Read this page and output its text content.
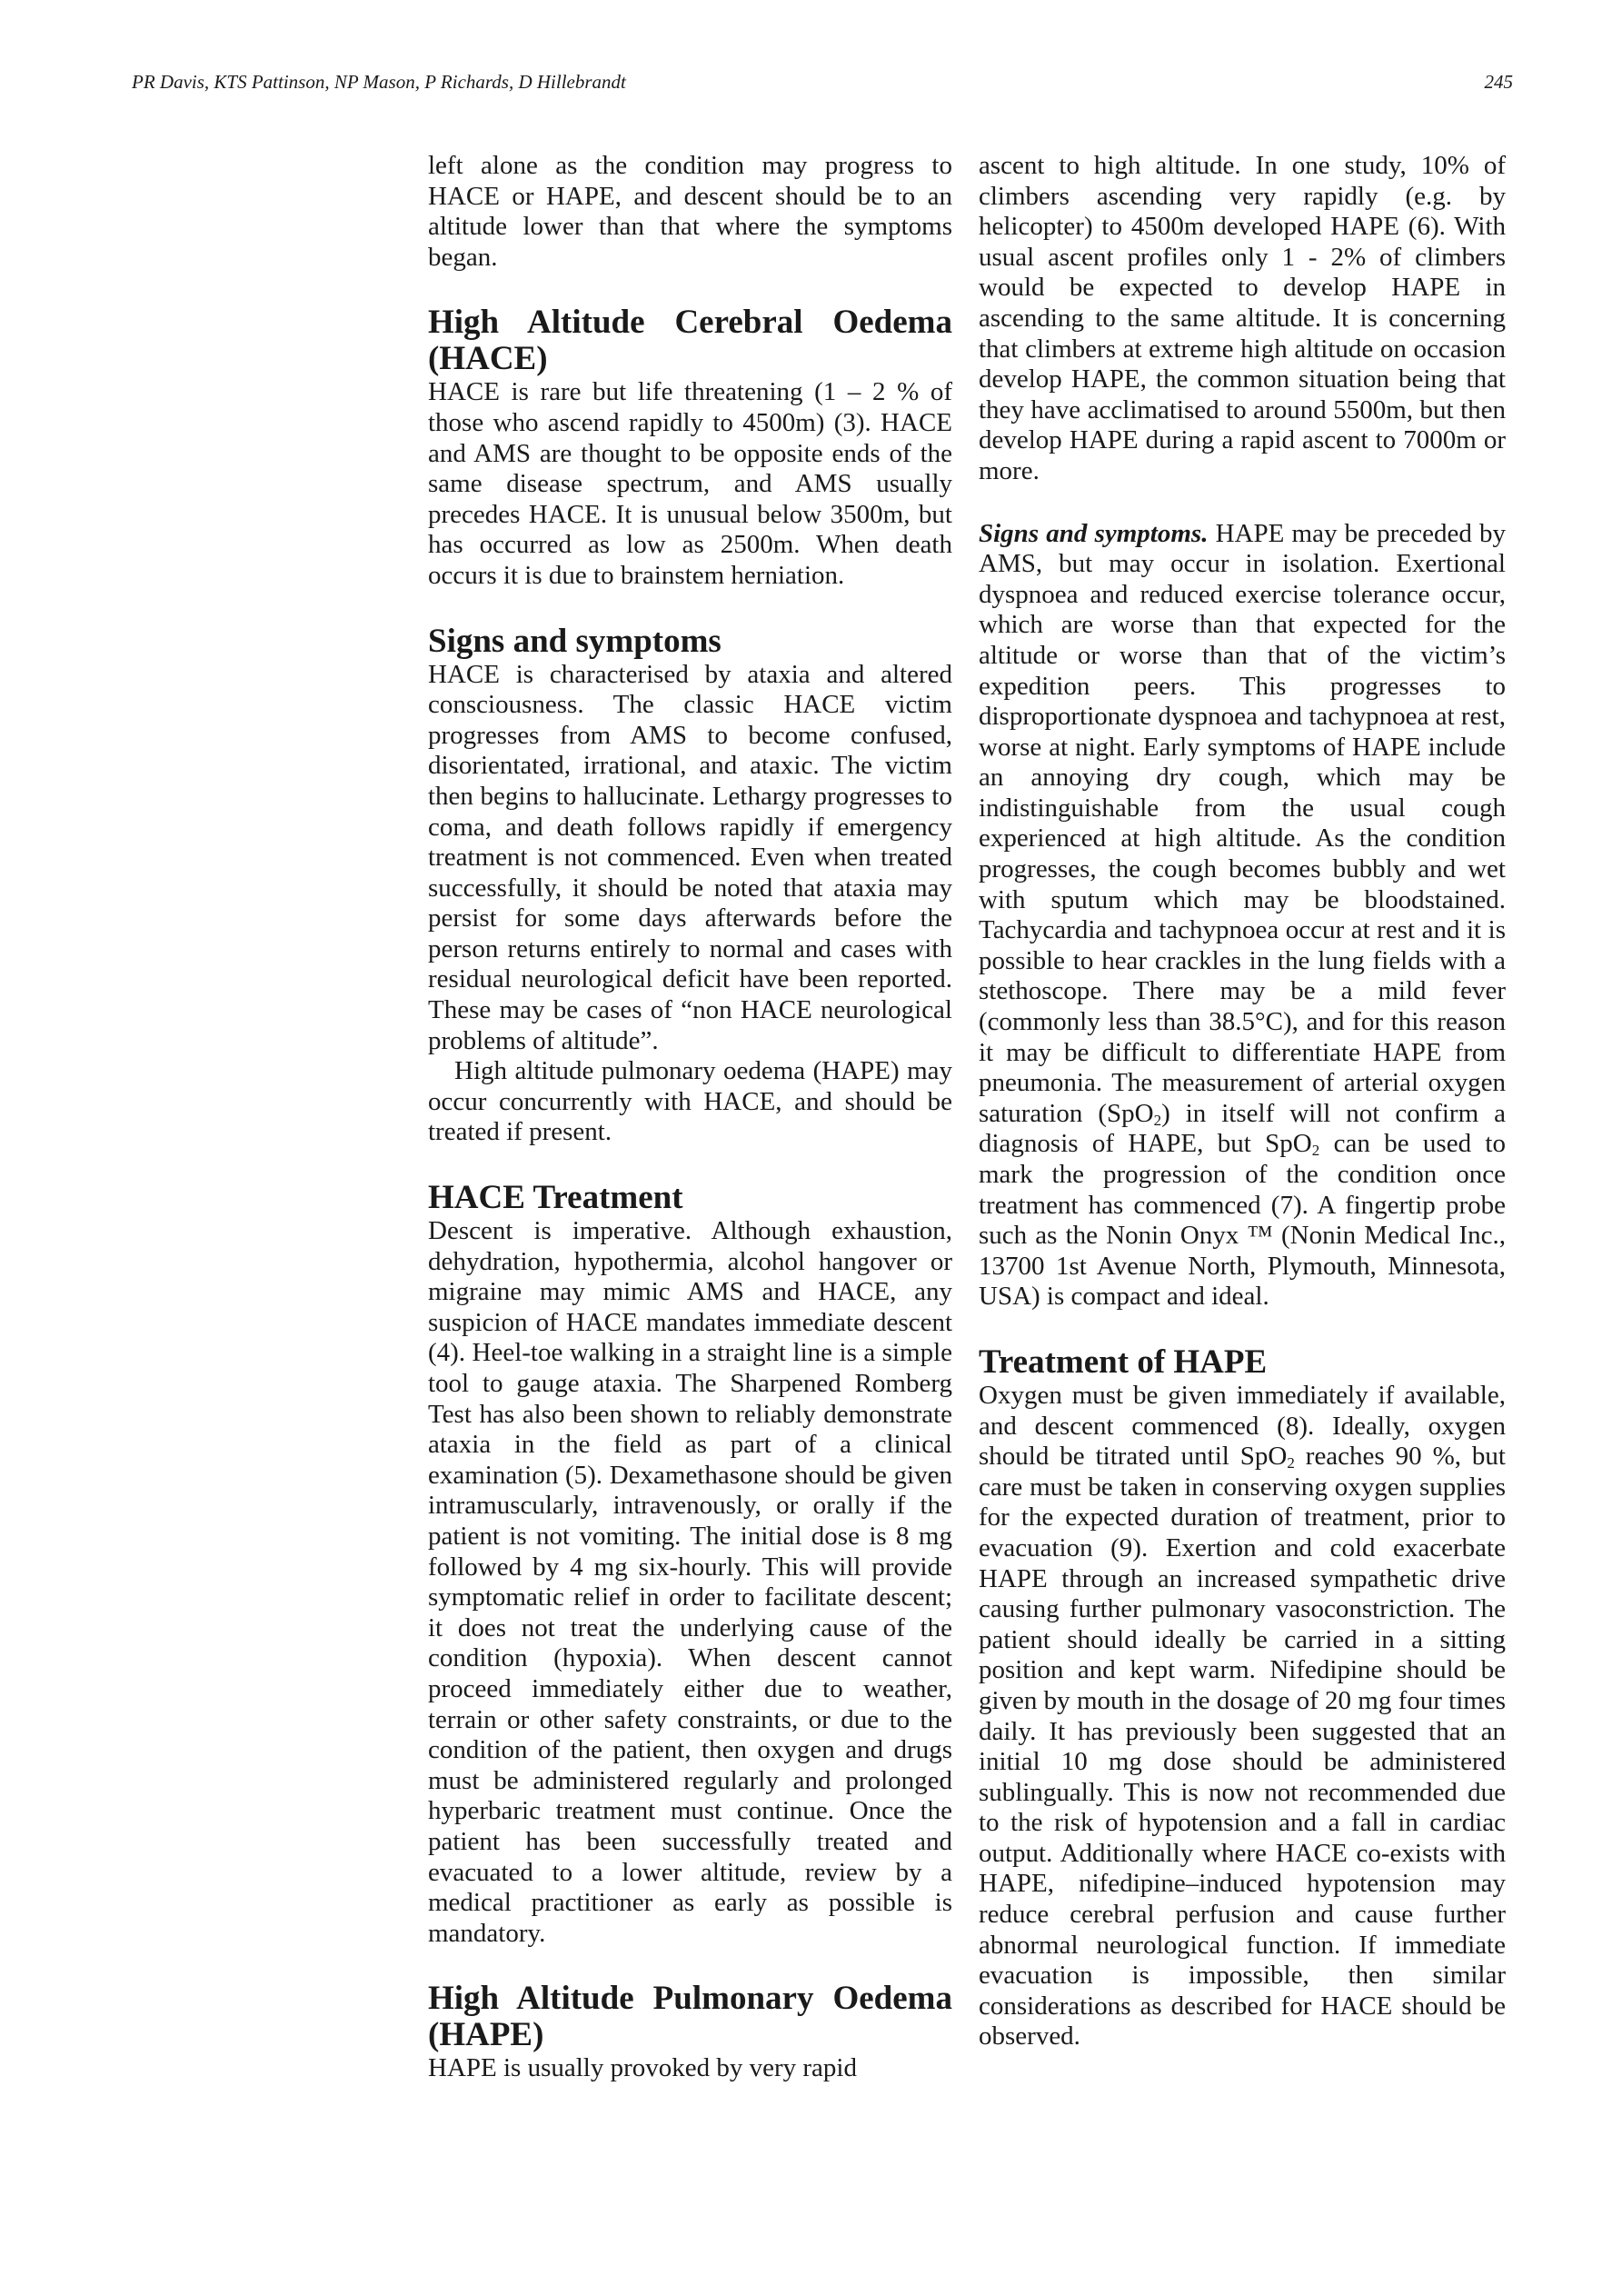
PR Davis, KTS Pattinson, NP Mason, P Richards, D Hillebrandt	245

left alone as the condition may progress to HACE or HAPE, and descent should be to an altitude lower than that where the symptoms began.

High Altitude Cerebral Oedema (HACE)

HACE is rare but life threatening (1 – 2 % of those who ascend rapidly to 4500m) (3). HACE and AMS are thought to be opposite ends of the same disease spectrum, and AMS usually precedes HACE. It is unusual below 3500m, but has occurred as low as 2500m. When death occurs it is due to brainstem herniation.

Signs and symptoms

HACE is characterised by ataxia and altered consciousness. The classic HACE victim progresses from AMS to become confused, disorientated, irrational, and ataxic. The victim then begins to hallucinate. Lethargy progresses to coma, and death follows rapidly if emergency treatment is not commenced. Even when treated successfully, it should be noted that ataxia may persist for some days afterwards before the person returns entirely to normal and cases with residual neurological deficit have been reported. These may be cases of “non HACE neurological problems of altitude”.

High altitude pulmonary oedema (HAPE) may occur concurrently with HACE, and should be treated if present.

HACE Treatment

Descent is imperative. Although exhaustion, dehydration, hypothermia, alcohol hangover or migraine may mimic AMS and HACE, any suspicion of HACE mandates immediate descent (4). Heel-toe walking in a straight line is a simple tool to gauge ataxia. The Sharpened Romberg Test has also been shown to reliably demonstrate ataxia in the field as part of a clinical examination (5). Dexamethasone should be given intramuscularly, intravenously, or orally if the patient is not vomiting. The initial dose is 8 mg followed by 4 mg six-hourly. This will provide symptomatic relief in order to facilitate descent; it does not treat the underlying cause of the condition (hypoxia). When descent cannot proceed immediately either due to weather, terrain or other safety constraints, or due to the condition of the patient, then oxygen and drugs must be administered regularly and prolonged hyperbaric treatment must continue. Once the patient has been successfully treated and evacuated to a lower altitude, review by a medical practitioner as early as possible is mandatory.

High Altitude Pulmonary Oedema (HAPE)

HAPE is usually provoked by very rapid

ascent to high altitude. In one study, 10% of climbers ascending very rapidly (e.g. by helicopter) to 4500m developed HAPE (6). With usual ascent profiles only 1 - 2% of climbers would be expected to develop HAPE in ascending to the same altitude. It is concerning that climbers at extreme high altitude on occasion develop HAPE, the common situation being that they have acclimatised to around 5500m, but then develop HAPE during a rapid ascent to 7000m or more.

Signs and symptoms. HAPE may be preceded by AMS, but may occur in isolation. Exertional dyspnoea and reduced exercise tolerance occur, which are worse than that expected for the altitude or worse than that of the victim’s expedition peers. This progresses to disproportionate dyspnoea and tachypnoea at rest, worse at night. Early symptoms of HAPE include an annoying dry cough, which may be indistinguishable from the usual cough experienced at high altitude. As the condition progresses, the cough becomes bubbly and wet with sputum which may be bloodstained. Tachycardia and tachypnoea occur at rest and it is possible to hear crackles in the lung fields with a stethoscope. There may be a mild fever (commonly less than 38.5°C), and for this reason it may be difficult to differentiate HAPE from pneumonia. The measurement of arterial oxygen saturation (SpO$_2$) in itself will not confirm a diagnosis of HAPE, but SpO$_2$ can be used to mark the progression of the condition once treatment has commenced (7). A fingertip probe such as the Nonin Onyx ™ (Nonin Medical Inc., 13700 1st Avenue North, Plymouth, Minnesota, USA) is compact and ideal.

Treatment of HAPE

Oxygen must be given immediately if available, and descent commenced (8). Ideally, oxygen should be titrated until SpO$_2$ reaches 90 %, but care must be taken in conserving oxygen supplies for the expected duration of treatment, prior to evacuation (9). Exertion and cold exacerbate HAPE through an increased sympathetic drive causing further pulmonary vasoconstriction. The patient should ideally be carried in a sitting position and kept warm. Nifedipine should be given by mouth in the dosage of 20 mg four times daily. It has previously been suggested that an initial 10 mg dose should be administered sublingually. This is now not recommended due to the risk of hypotension and a fall in cardiac output. Additionally where HACE co-exists with HAPE, nifedipine–induced hypotension may reduce cerebral perfusion and cause further abnormal neurological function. If immediate evacuation is impossible, then similar considerations as described for HACE should be observed.
